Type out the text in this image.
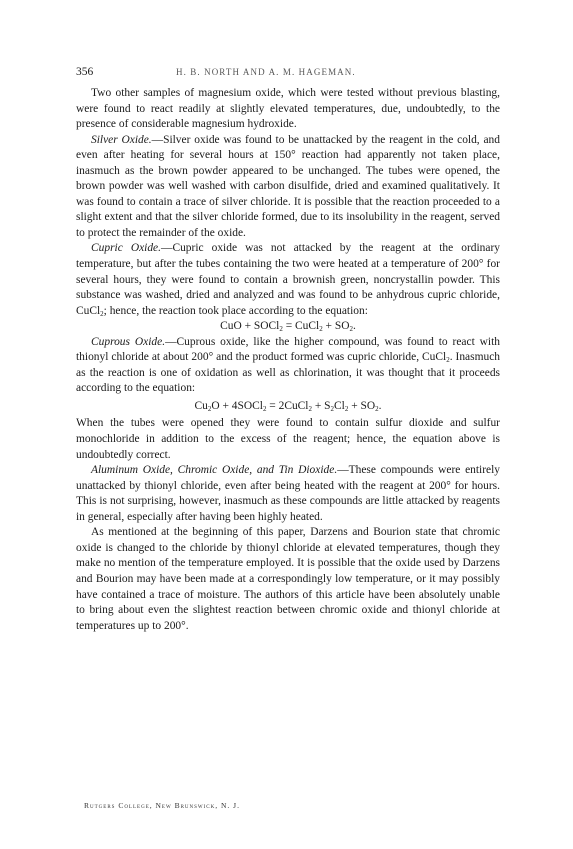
356	H. B. NORTH AND A. M. HAGEMAN.

Two other samples of magnesium oxide, which were tested without previous blasting, were found to react readily at slightly elevated temperatures, due, undoubtedly, to the presence of considerable magnesium hydroxide.

Silver Oxide.—Silver oxide was found to be unattacked by the reagent in the cold, and even after heating for several hours at 150° reaction had apparently not taken place, inasmuch as the brown powder appeared to be unchanged. The tubes were opened, the brown powder was well washed with carbon disulfide, dried and examined qualitatively. It was found to contain a trace of silver chloride. It is possible that the reaction proceeded to a slight extent and that the silver chloride formed, due to its insolubility in the reagent, served to protect the remainder of the oxide.

Cupric Oxide.—Cupric oxide was not attacked by the reagent at the ordinary temperature, but after the tubes containing the two were heated at a temperature of 200° for several hours, they were found to contain a brownish green, noncrystallin powder. This substance was washed, dried and analyzed and was found to be anhydrous cupric chloride, CuCl$_2$; hence, the reaction took place according to the equation:

CuO + SOCl$_2$ = CuCl$_2$ + $SO_2$.

Cuprous Oxide.—Cuprous oxide, like the higher compound, was found to react with thionyl chloride at about 200° and the product formed was cupric chloride, CuCl$_2$. Inasmuch as the reaction is one of oxidation as well as chlorination, it was thought that it proceeds according to the equation:

$Cu_2O$ + 4SOCl$_2$ = 2CuCl$_2$ + $S_2Cl_2 + SO_2$.

When the tubes were opened they were found to contain sulfur dioxide and sulfur monochloride in addition to the excess of the reagent; hence, the equation above is undoubtedly correct.

Aluminum Oxide, Chromic Oxide, and Tin Dioxide.—These compounds were entirely unattacked by thionyl chloride, even after being heated with the reagent at 200° for hours. This is not surprising, however, inasmuch as these compounds are little attacked by reagents in general, especially after having been highly heated.

As mentioned at the beginning of this paper, Darzens and Bourion state that chromic oxide is changed to the chloride by thionyl chloride at elevated temperatures, though they make no mention of the temperature employed. It is possible that the oxide used by Darzens and Bourion may have been made at a correspondingly low temperature, or it may possibly have contained a trace of moisture. The authors of this article have been absolutely unable to bring about even the slightest reaction between chromic oxide and thionyl chloride at temperatures up to 200°.

Rutgers College, New Brunswick, N. J.
